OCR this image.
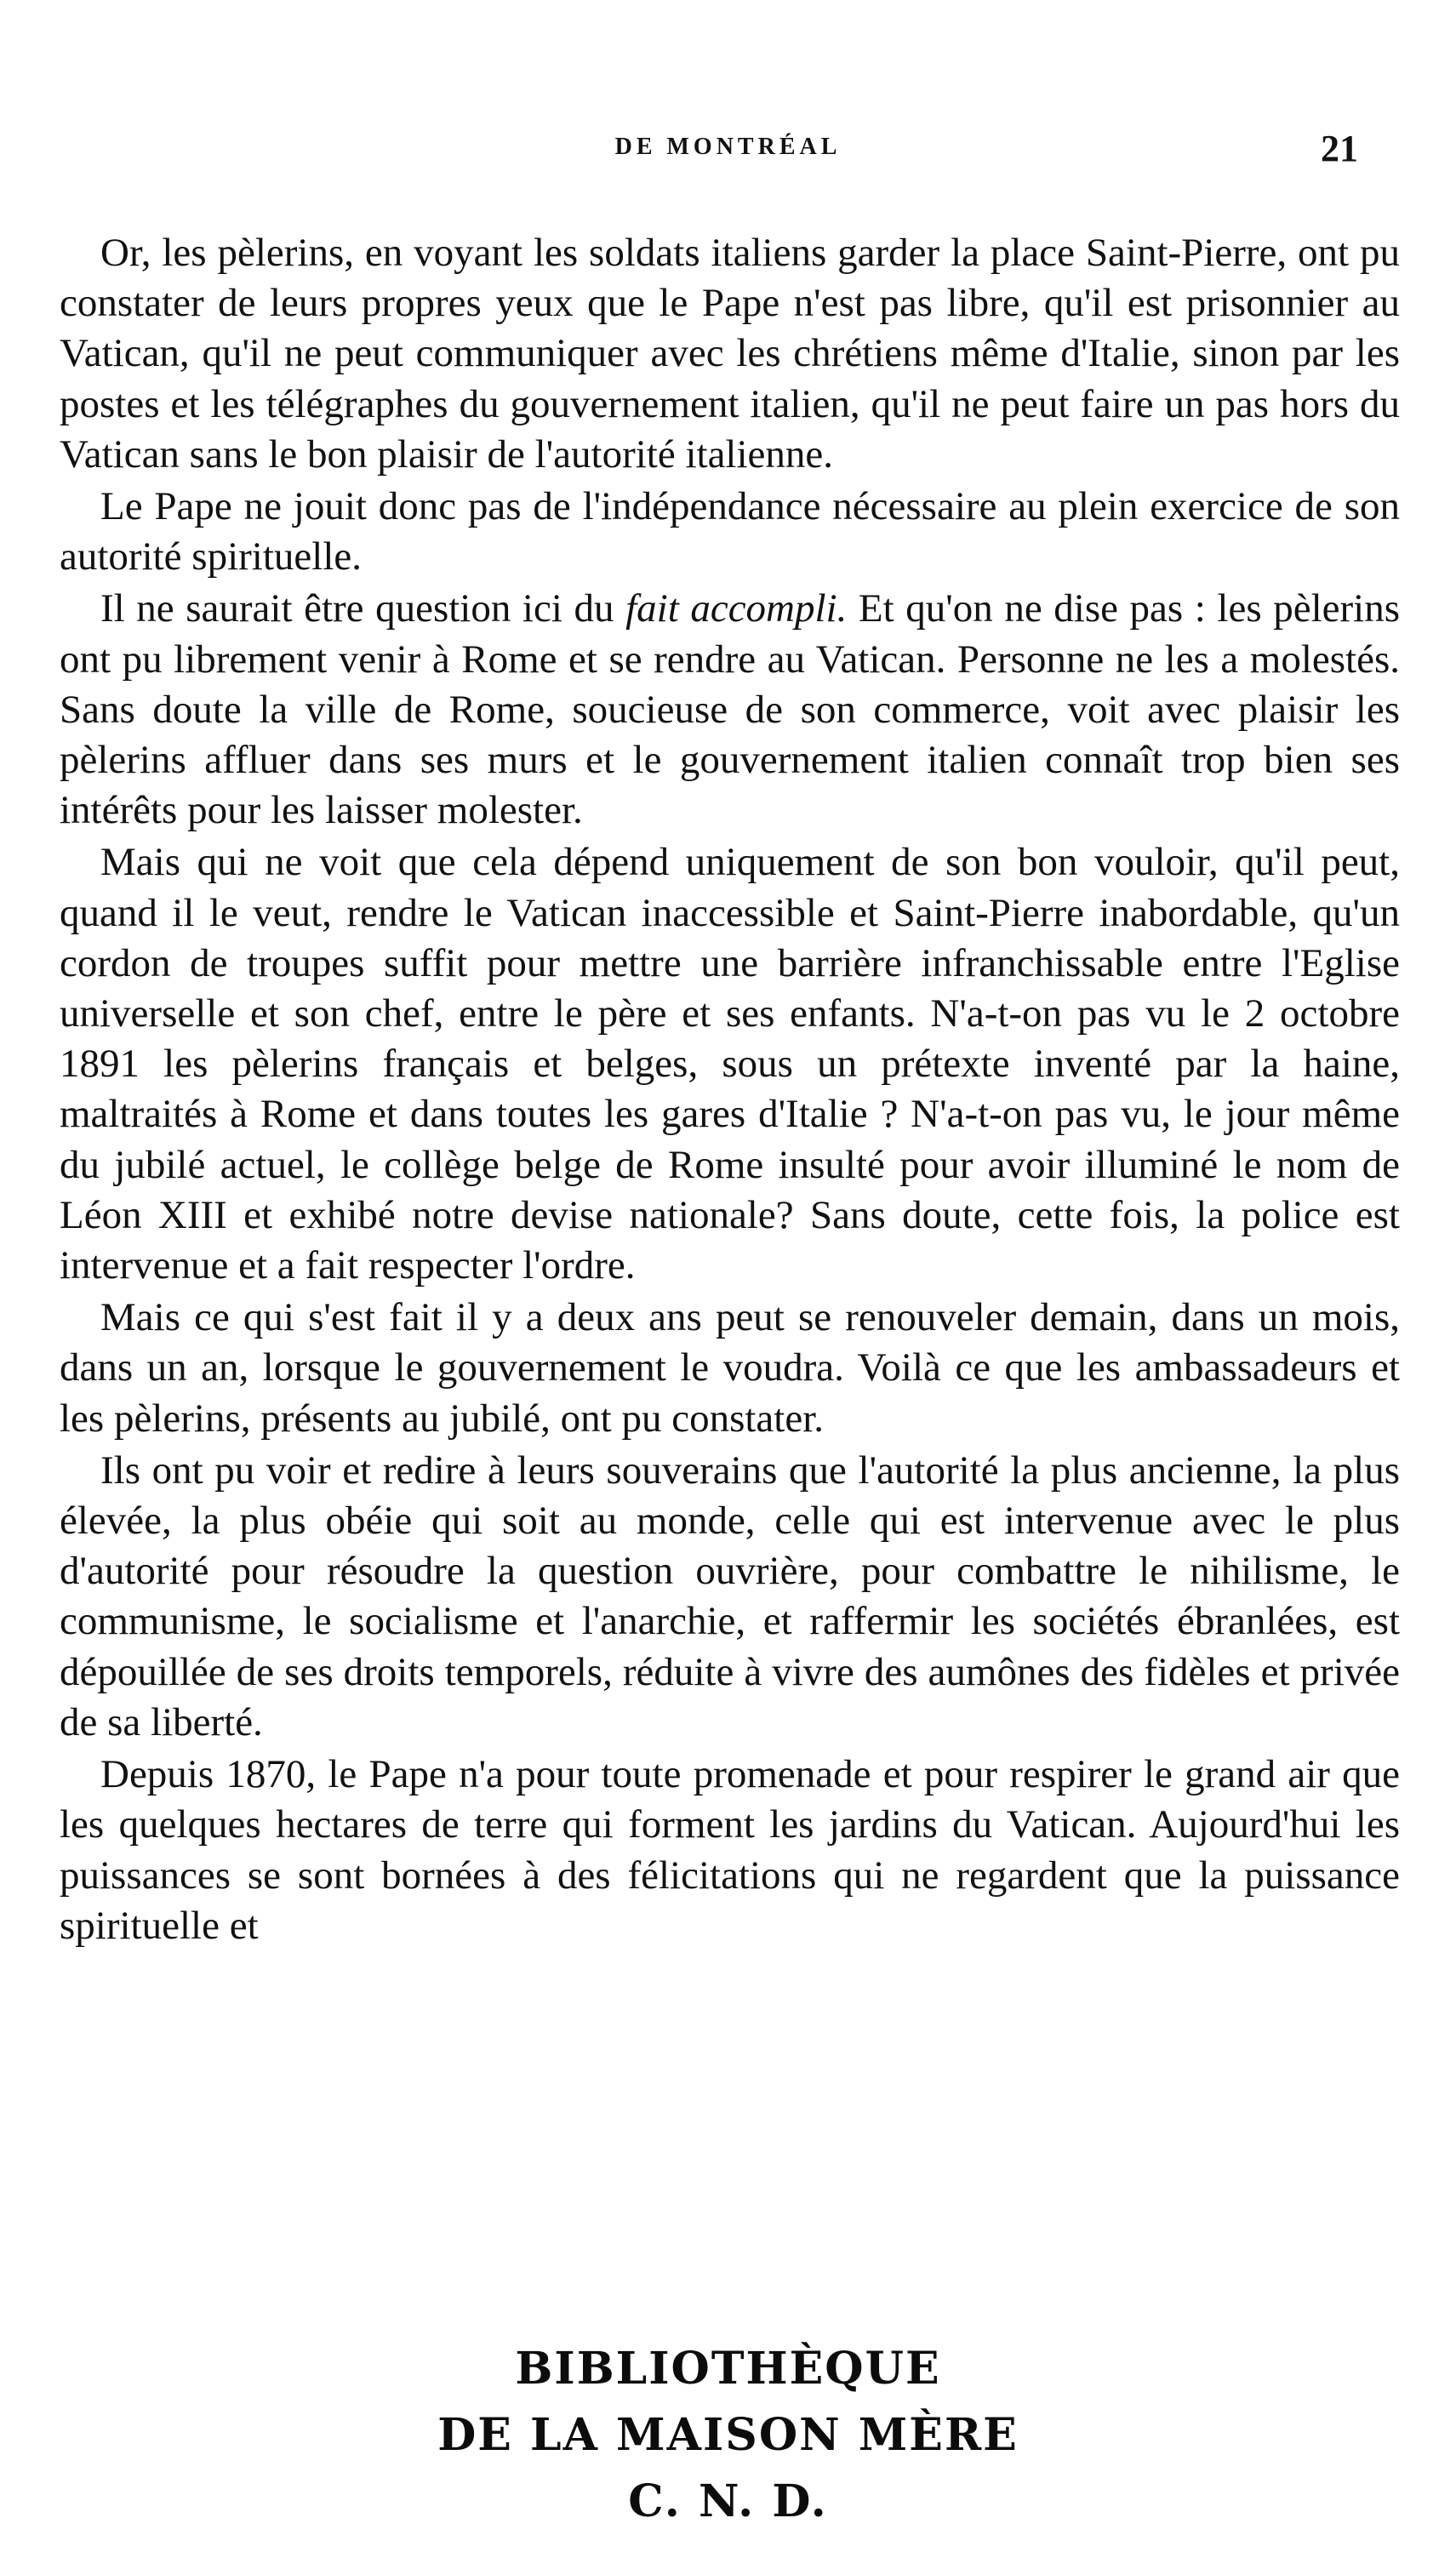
DE MONTRÉAL	21

Or, les pèlerins, en voyant les soldats italiens garder la place Saint-Pierre, ont pu constater de leurs propres yeux que le Pape n'est pas libre, qu'il est prisonnier au Vatican, qu'il ne peut communiquer avec les chrétiens même d'Italie, sinon par les postes et les télégraphes du gouvernement italien, qu'il ne peut faire un pas hors du Vatican sans le bon plaisir de l'autorité italienne.

Le Pape ne jouit donc pas de l'indépendance nécessaire au plein exercice de son autorité spirituelle.

Il ne saurait être question ici du fait accompli. Et qu'on ne dise pas : les pèlerins ont pu librement venir à Rome et se rendre au Vatican. Personne ne les a molestés. Sans doute la ville de Rome, soucieuse de son commerce, voit avec plaisir les pèlerins affluer dans ses murs et le gouvernement italien connaît trop bien ses intérêts pour les laisser molester.

Mais qui ne voit que cela dépend uniquement de son bon vouloir, qu'il peut, quand il le veut, rendre le Vatican inaccessible et Saint-Pierre inabordable, qu'un cordon de troupes suffit pour mettre une barrière infranchissable entre l'Eglise universelle et son chef, entre le père et ses enfants. N'a-t-on pas vu le 2 octobre 1891 les pèlerins français et belges, sous un prétexte inventé par la haine, maltraités à Rome et dans toutes les gares d'Italie ? N'a-t-on pas vu, le jour même du jubilé actuel, le collège belge de Rome insulté pour avoir illuminé le nom de Léon XIII et exhibé notre devise nationale? Sans doute, cette fois, la police est intervenue et a fait respecter l'ordre.

Mais ce qui s'est fait il y a deux ans peut se renouveler demain, dans un mois, dans un an, lorsque le gouvernement le voudra. Voilà ce que les ambassadeurs et les pèlerins, présents au jubilé, ont pu constater.

Ils ont pu voir et redire à leurs souverains que l'autorité la plus ancienne, la plus élevée, la plus obéie qui soit au monde, celle qui est intervenue avec le plus d'autorité pour résoudre la question ouvrière, pour combattre le nihilisme, le communisme, le socialisme et l'anarchie, et raffermir les sociétés ébranlées, est dépouillée de ses droits temporels, réduite à vivre des aumônes des fidèles et privée de sa liberté.

Depuis 1870, le Pape n'a pour toute promenade et pour respirer le grand air que les quelques hectares de terre qui forment les jardins du Vatican. Aujourd'hui les puissances se sont bornées à des félicitations qui ne regardent que la puissance spirituelle et

BIBLIOTHÈQUE
DE LA MAISON MÈRE
C. N. D.
